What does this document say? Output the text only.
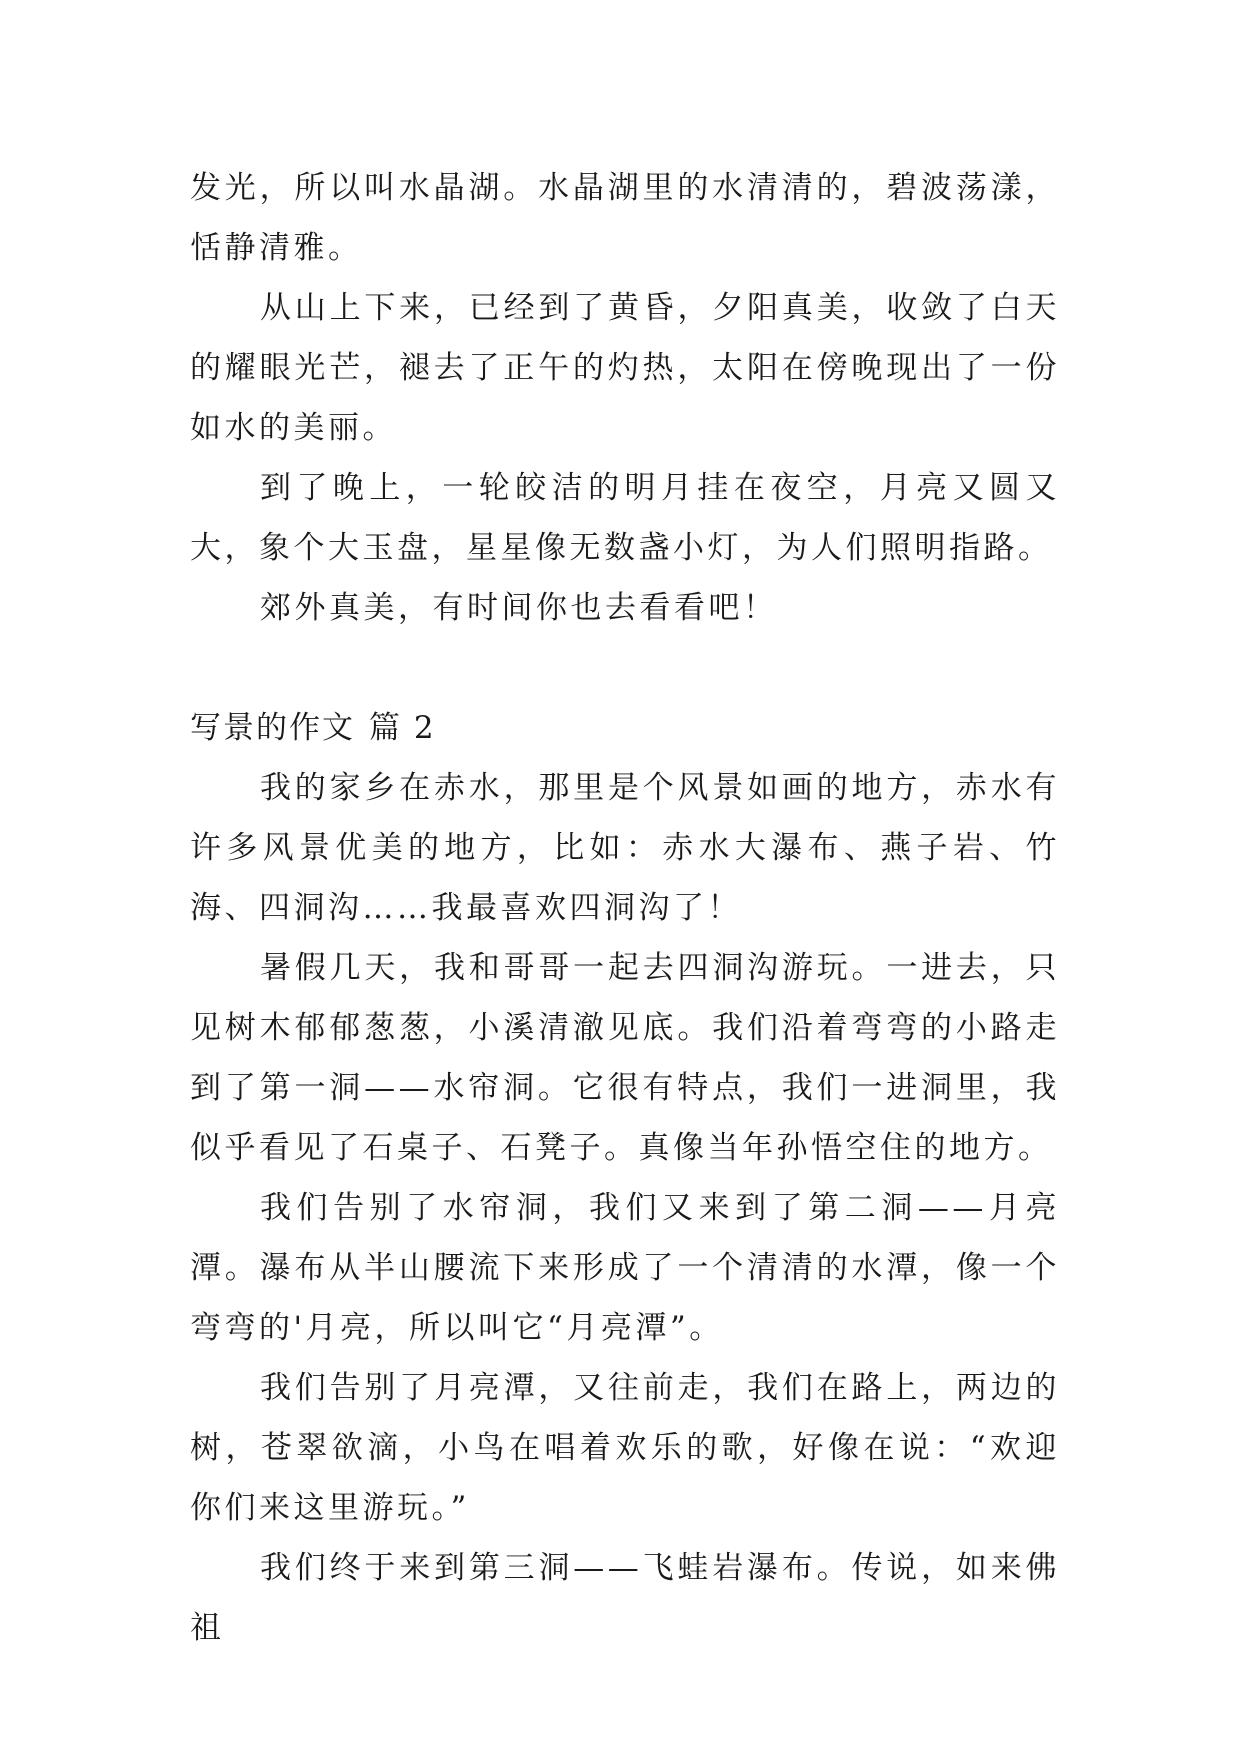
发光，所以叫水晶湖。水晶湖里的水清清的，碧波荡漾，恬静清雅。

从山上下来，已经到了黄昏，夕阳真美，收敛了白天的耀眼光芒，褪去了正午的灼热，太阳在傍晚现出了一份如水的美丽。

到了晚上，一轮皎洁的明月挂在夜空，月亮又圆又大，象个大玉盘，星星像无数盏小灯，为人们照明指路。

郊外真美，有时间你也去看看吧！

写景的作文 篇 2

我的家乡在赤水，那里是个风景如画的地方，赤水有许多风景优美的地方，比如：赤水大瀑布、燕子岩、竹海、四洞沟……我最喜欢四洞沟了！

暑假几天，我和哥哥一起去四洞沟游玩。一进去，只见树木郁郁葱葱，小溪清澈见底。我们沿着弯弯的小路走到了第一洞——水帘洞。它很有特点，我们一进洞里，我似乎看见了石桌子、石凳子。真像当年孙悟空住的地方。

我们告别了水帘洞，我们又来到了第二洞——月亮潭。瀑布从半山腰流下来形成了一个清清的水潭，像一个弯弯的'月亮，所以叫它“月亮潭”。

我们告别了月亮潭，又往前走，我们在路上，两边的树，苍翠欲滴，小鸟在唱着欢乐的歌，好像在说：“欢迎你们来这里游玩。”

我们终于来到第三洞——飞蛙岩瀑布。传说，如来佛祖
